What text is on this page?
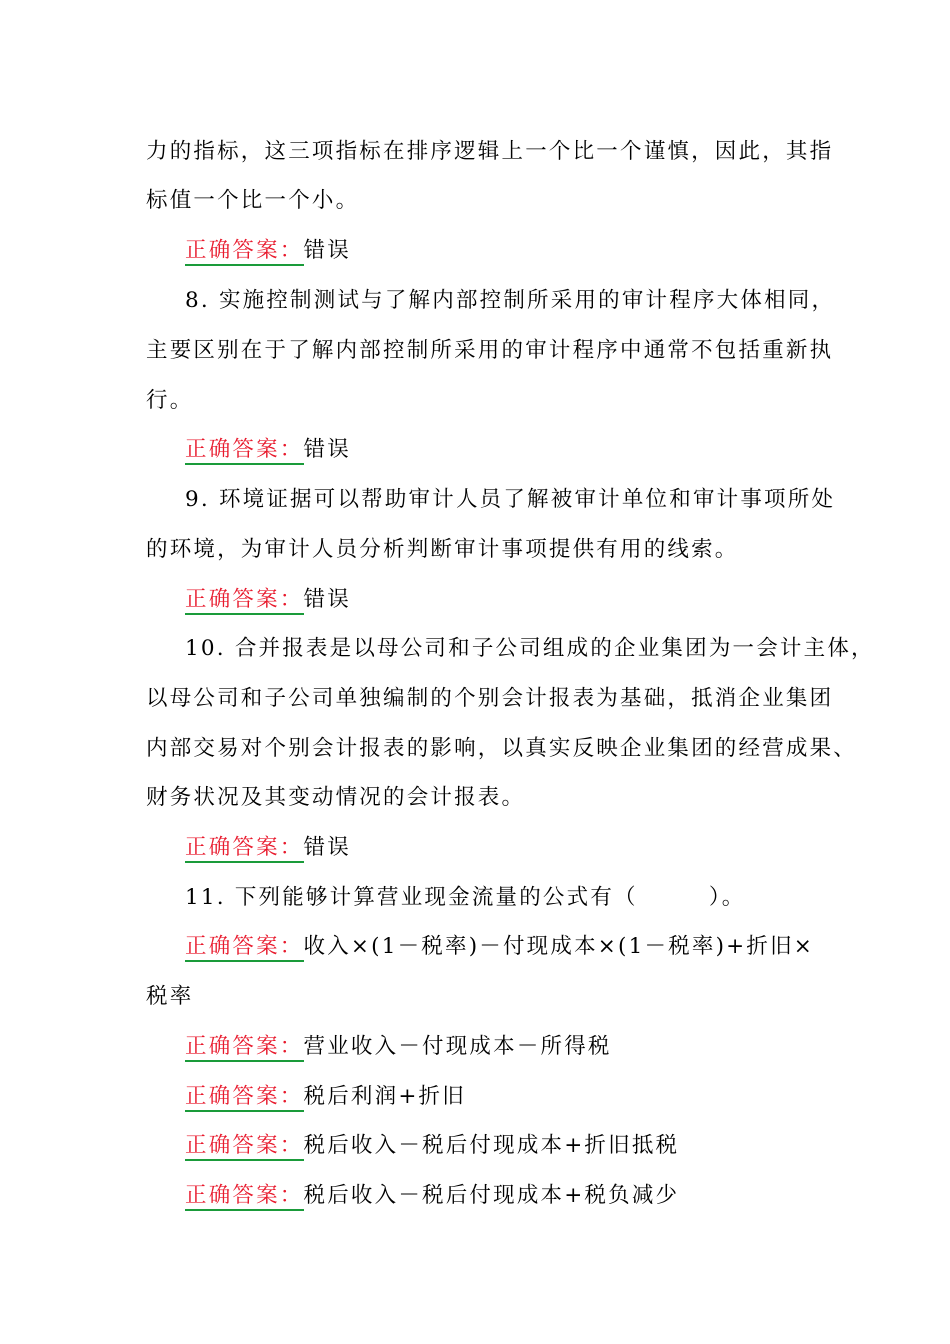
力的指标，这三项指标在排序逻辑上一个比一个谨慎，因此，其指
标值一个比一个小。
正确答案：错误
8. 实施控制测试与了解内部控制所采用的审计程序大体相同，
主要区别在于了解内部控制所采用的审计程序中通常不包括重新执
行。
正确答案：错误
9. 环境证据可以帮助审计人员了解被审计单位和审计事项所处
的环境，为审计人员分析判断审计事项提供有用的线索。
正确答案：错误
10. 合并报表是以母公司和子公司组成的企业集团为一会计主体，
以母公司和子公司单独编制的个别会计报表为基础，抵消企业集团
内部交易对个别会计报表的影响，以真实反映企业集团的经营成果、
财务状况及其变动情况的会计报表。
正确答案：错误
11. 下列能够计算营业现金流量的公式有（　　　）。
正确答案：收入×(1－税率)－付现成本×(1－税率)+折旧×
税率
正确答案：营业收入－付现成本－所得税
正确答案：税后利润+折旧
正确答案：税后收入－税后付现成本+折旧抵税
正确答案：税后收入－税后付现成本+税负减少
